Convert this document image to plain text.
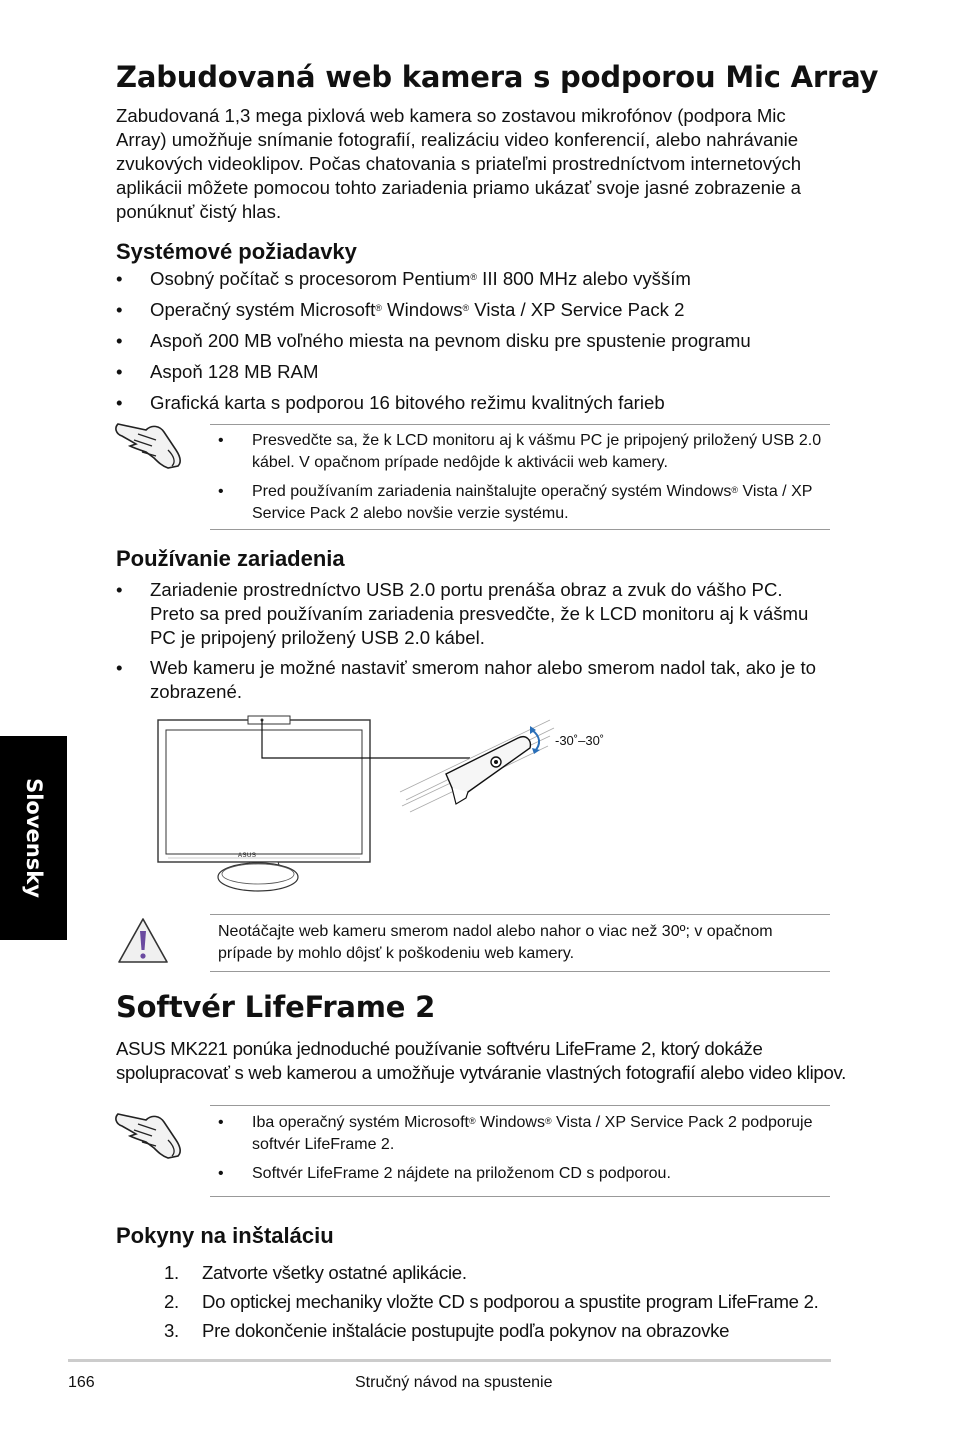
Slovensky
Zabudovaná web kamera s podporou Mic Array
Zabudovaná 1,3 mega pixlová web kamera so zostavou mikrofónov (podpora Mic Array) umožňuje snímanie fotografií, realizáciu video konferencií, alebo nahrávanie zvukových videoklipov. Počas chatovania s priateľmi prostredníctvom internetových aplikácii môžete pomocou tohto zariadenia priamo ukázať svoje jasné zobrazenie a ponúknuť čistý hlas.
Systémové požiadavky
• Osobný počítač s procesorom Pentium® III 800 MHz alebo vyšším
• Operačný systém Microsoft® Windows® Vista / XP Service Pack 2
• Aspoň 200 MB voľného miesta na pevnom disku pre spustenie programu
• Aspoň 128 MB RAM
• Grafická karta s podporou 16 bitového režimu kvalitných farieb
• Presvedčte sa, že k LCD monitoru aj k vášmu PC je pripojený priložený USB 2.0 kábel. V opačnom prípade nedôjde k aktivácii web kamery.
• Pred používaním zariadenia nainštalujte operačný systém Windows® Vista / XP Service Pack 2 alebo novšie verzie systému.
Používanie zariadenia
• Zariadenie prostredníctvo USB 2.0 portu prenáša obraz a zvuk do vášho PC. Preto sa pred používaním zariadenia presvedčte, že k LCD monitoru aj k vášmu PC je pripojený priložený USB 2.0 kábel.
• Web kameru je možné nastaviť smerom nahor alebo smerom nadol tak, ako je to zobrazené.
ASUS
-30˚–30˚
Neotáčajte web kameru smerom nadol alebo nahor o viac než 30º; v opačnom prípade by mohlo dôjsť k poškodeniu web kamery.
Softvér LifeFrame 2
ASUS MK221 ponúka jednoduché používanie softvéru LifeFrame 2, ktorý dokáže spolupracovať s web kamerou a umožňuje vytváranie vlastných fotografií alebo video klipov.
• Iba operačný systém Microsoft® Windows® Vista / XP Service Pack 2 podporuje softvér LifeFrame 2.
• Softvér LifeFrame 2 nájdete na priloženom CD s podporou.
Pokyny na inštaláciu
1. Zatvorte všetky ostatné aplikácie.
2. Do optickej mechaniky vložte CD s podporou a spustite program LifeFrame 2.
3. Pre dokončenie inštalácie postupujte podľa pokynov na obrazovke
166	Stručný návod na spustenie
